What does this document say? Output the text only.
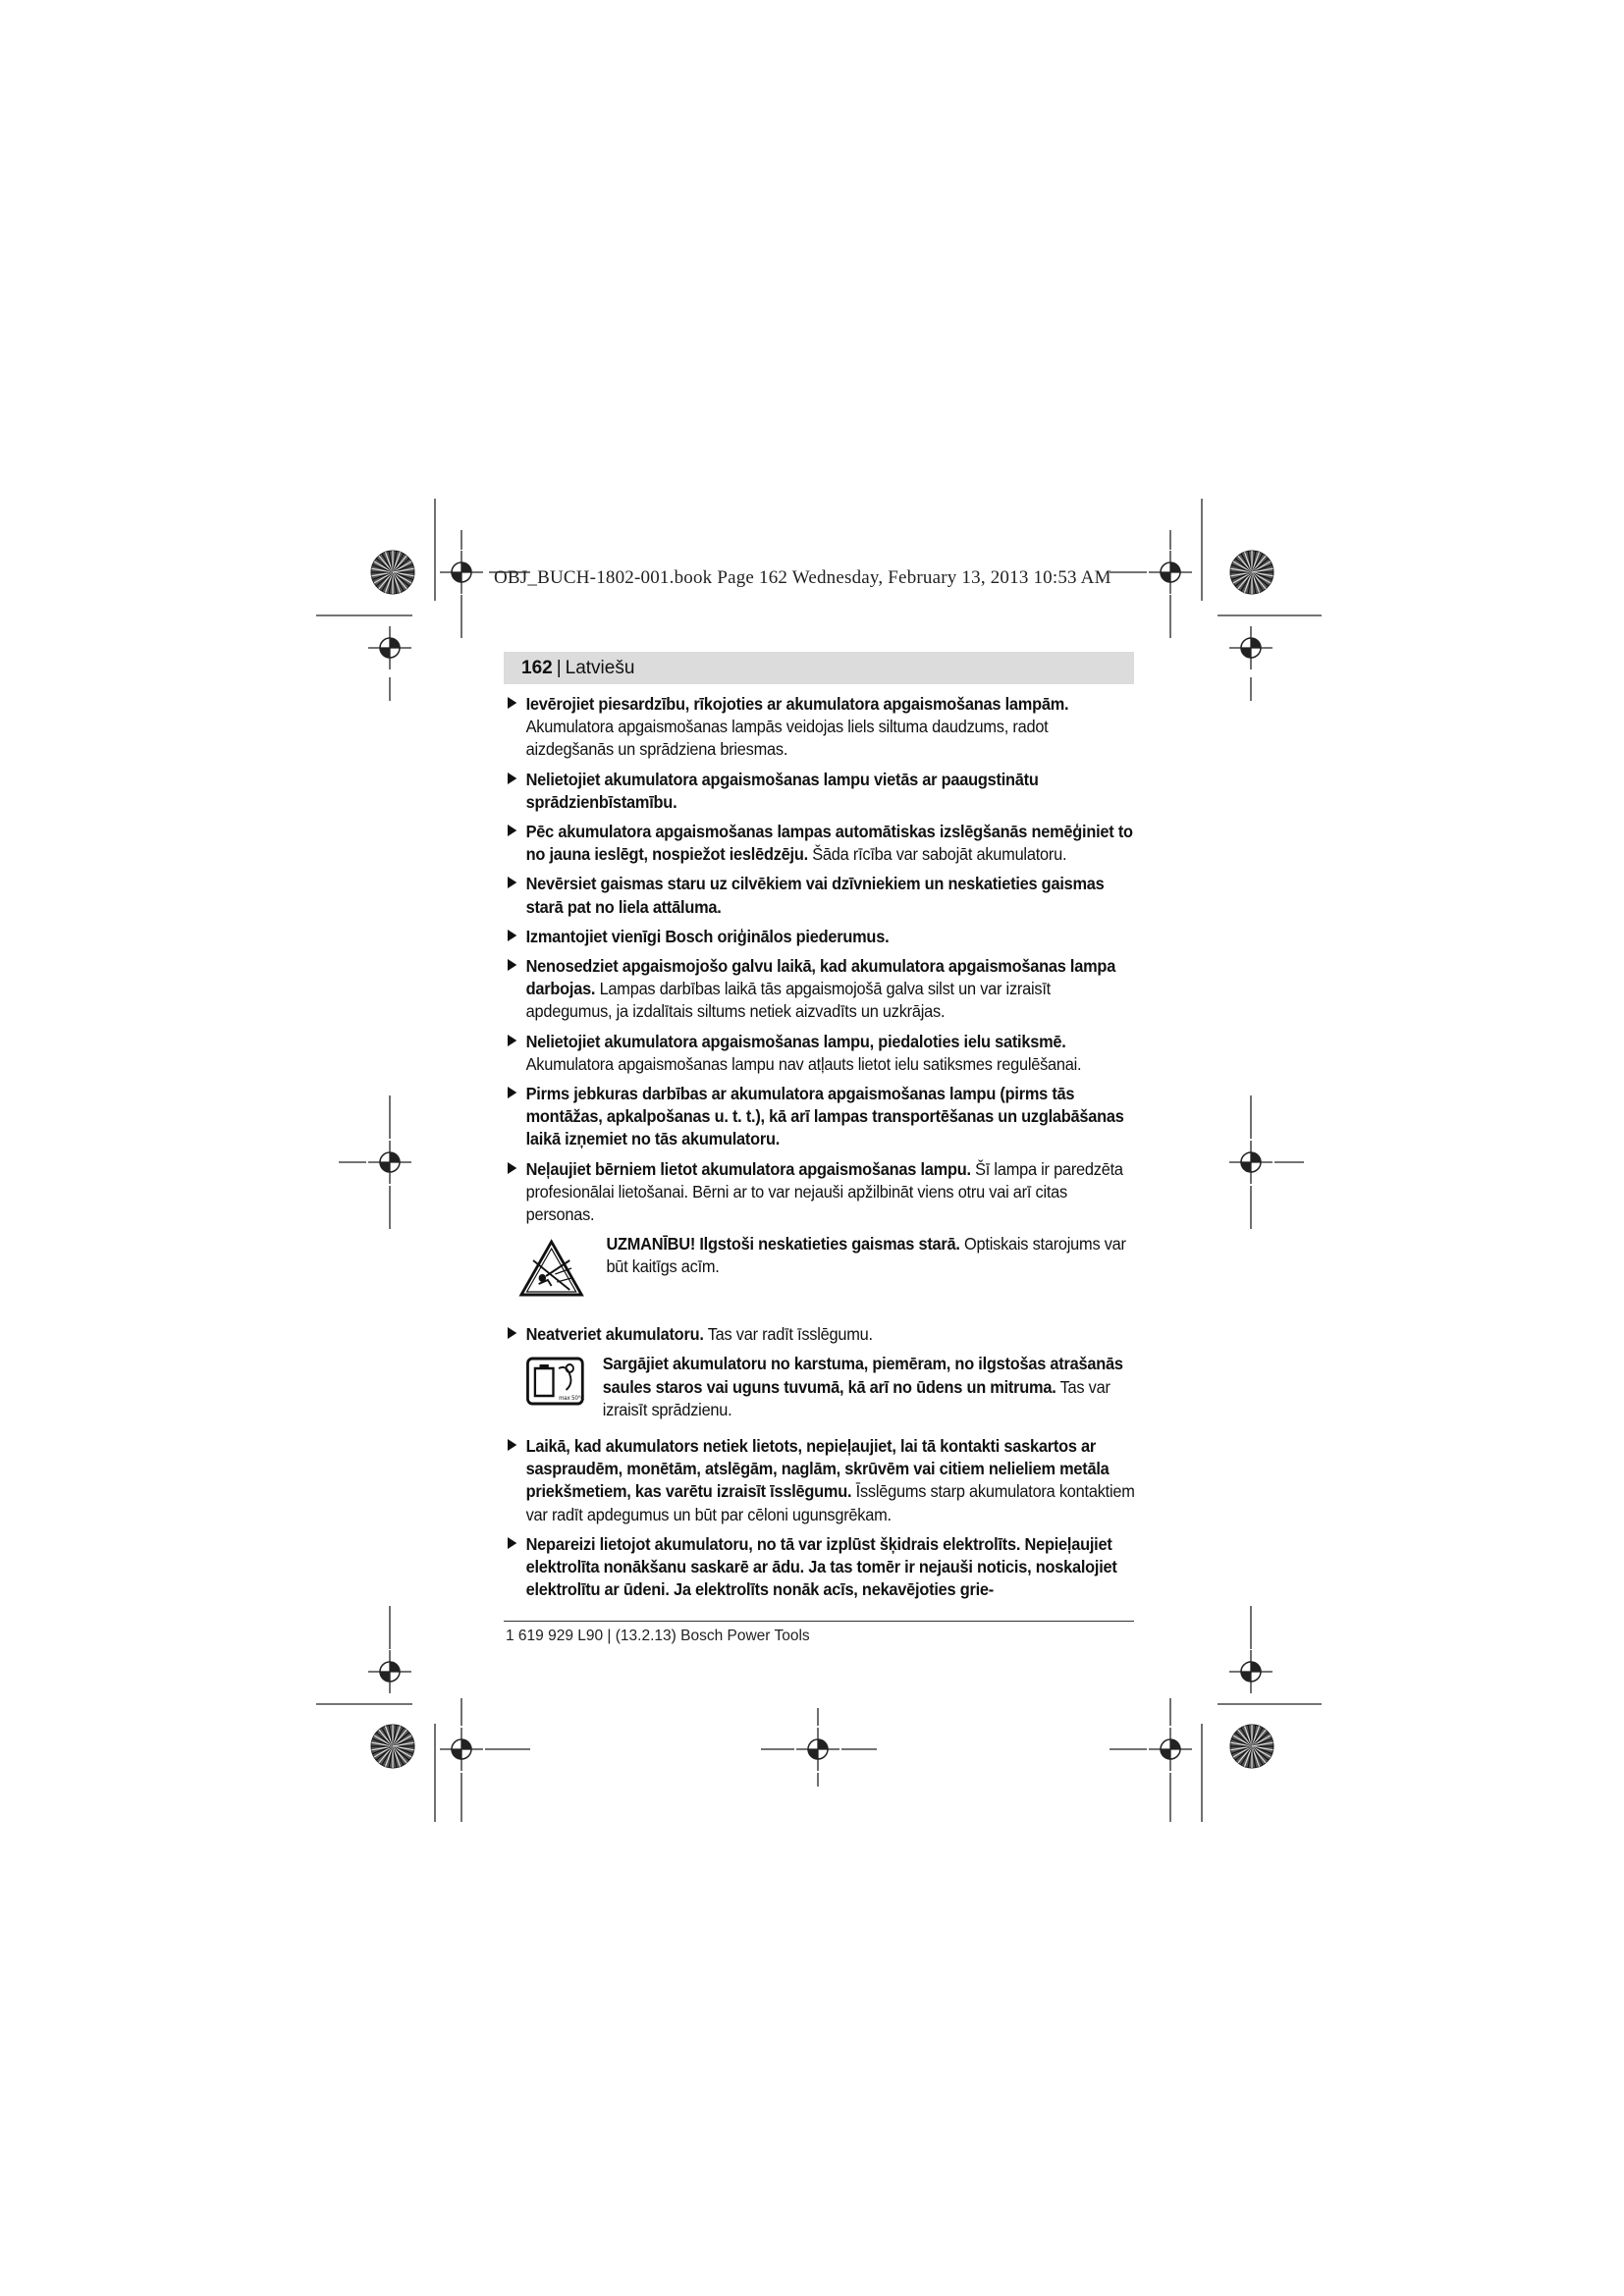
OBJ_BUCH-1802-001.book Page 162 Wednesday, February 13, 2013 10:53 AM
162 | Latviešu
Ievērojiet piesardzību, rīkojoties ar akumulatora apgaismošanas lampām. Akumulatora apgaismošanas lampās veidojas liels siltuma daudzums, radot aizdegšanās un sprādziena briesmas.
Nelietojiet akumulatora apgaismošanas lampu vietās ar paaugstinātu sprādzienbīstamību.
Pēc akumulatora apgaismošanas lampas automātiskas izslēgšanās nemēģiniet to no jauna ieslēgt, nospiežot ieslēdzēju. Šāda rīcība var sabojāt akumulatoru.
Nevērsiet gaismas staru uz cilvēkiem vai dzīvniekiem un neskatieties gaismas starā pat no liela attāluma.
Izmantojiet vienīgi Bosch oriģinālos piederumus.
Nenosedziet apgaismojošo galvu laikā, kad akumulatora apgaismošanas lampa darbojas. Lampas darbības laikā tās apgaismojošā galva silst un var izraisīt apdegumus, ja izdalītais siltums netiek aizvadīts un uzkrājas.
Nelietojiet akumulatora apgaismošanas lampu, piedaloties ielu satiksmē. Akumulatora apgaismošanas lampu nav atļauts lietot ielu satiksmes regulēšanai.
Pirms jebkuras darbības ar akumulatora apgaismošanas lampu (pirms tās montāžas, apkalpošanas u. t. t.), kā arī lampas transportēšanas un uzglabāšanas laikā izņemiet no tās akumulatoru.
Neļaujiet bērniem lietot akumulatora apgaismošanas lampu. Šī lampa ir paredzēta profesionālai lietošanai. Bērni ar to var nejauši apžilbināt viens otru vai arī citas personas.
UZMANĪBU! Ilgstoši neskatieties gaismas starā. Optiskais starojums var būt kaitīgs acīm.
Neatveriet akumulatoru. Tas var radīt īsslēgumu.
max 50°C
Sargājiet akumulatoru no karstuma, piemēram, no ilgstošas atrašanās saules staros vai uguns tuvumā, kā arī no ūdens un mitruma. Tas var izraisīt sprādzienu.
Laikā, kad akumulators netiek lietots, nepieļaujiet, lai tā kontakti saskartos ar saspraudēm, monētām, atslēgām, naglām, skrūvēm vai citiem nelieliem metāla priekšmetiem, kas varētu izraisīt īsslēgumu. Īsslēgums starp akumulatora kontaktiem var radīt apdegumus un būt par cēloni ugunsgrēkam.
Nepareizi lietojot akumulatoru, no tā var izplūst šķidrais elektrolīts. Nepieļaujiet elektrolīta nonākšanu saskarē ar ādu. Ja tas tomēr ir nejauši noticis, noskalojiet elektrolītu ar ūdeni. Ja elektrolīts nonāk acīs, nekavējoties grie-
1 619 929 L90 | (13.2.13) Bosch Power Tools
